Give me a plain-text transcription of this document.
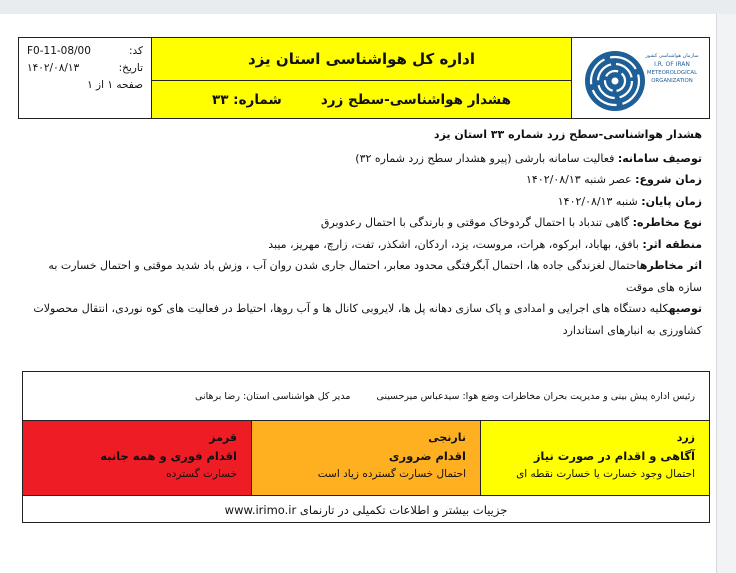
کد:
F0-11-08/00
تاریخ:
۱۴۰۲/۰۸/۱۳
صفحه ۱ از ۱
اداره کل هواشناسی استان یزد
هشدار هواشناسی-سطح زرد
شماره: ۳۳
سازمان هواشناسی کشور
I.R. OF IRAN
METEOROLOGICAL
ORGANIZATION

هشدار هواشناسی-سطح زرد شماره ۳۳ استان یزد

توصیف سامانه: فعالیت سامانه بارشی (پیرو هشدار سطح زرد شماره ۳۲)

زمان شروع: عصر شنبه ۱۴۰۲/۰۸/۱۳

زمان پایان: شنبه ۱۴۰۲/۰۸/۱۳

نوع مخاطره: گاهی تندباد با احتمال گردوخاک موقتی و بارندگی با احتمال رعدوبرق

منطقه اثر: بافق، بهاباد، ابرکوه، هرات، مروست، یزد، اردکان، اشکذر، تفت، زارچ، مهریز، میبد

اثر مخاطرهاحتمال لغزندگی جاده ها، احتمال آبگرفتگی محدود معابر، احتمال جاری شدن روان آب ، وزش باد شدید موقتی و احتمال خسارت به سازه های موقت

توصیهکلیه دستگاه های اجرایی و امدادی و پاک سازی دهانه پل ها، لایروبی کانال ها و آب روها، احتیاط در فعالیت های کوه نوردی، انتقال محصولات کشاورزی به انبارهای استاندارد

رئیس اداره پیش بینی و مدیریت بحران مخاطرات وضع هوا: سیدعباس میرحسینی
مدیر کل هواشناسی استان: رضا برهانی
زرد
آگاهی و اقدام در صورت نیاز
احتمال وجود خسارت یا خسارت نقطه ای
نارنجی
اقدام ضروری
احتمال خسارت گسترده زیاد است
قرمز
اقدام فوری و همه جانبه
خسارت گسترده
جزییات بیشتر و اطلاعات تکمیلی در تارنمای www.irimo.ir
